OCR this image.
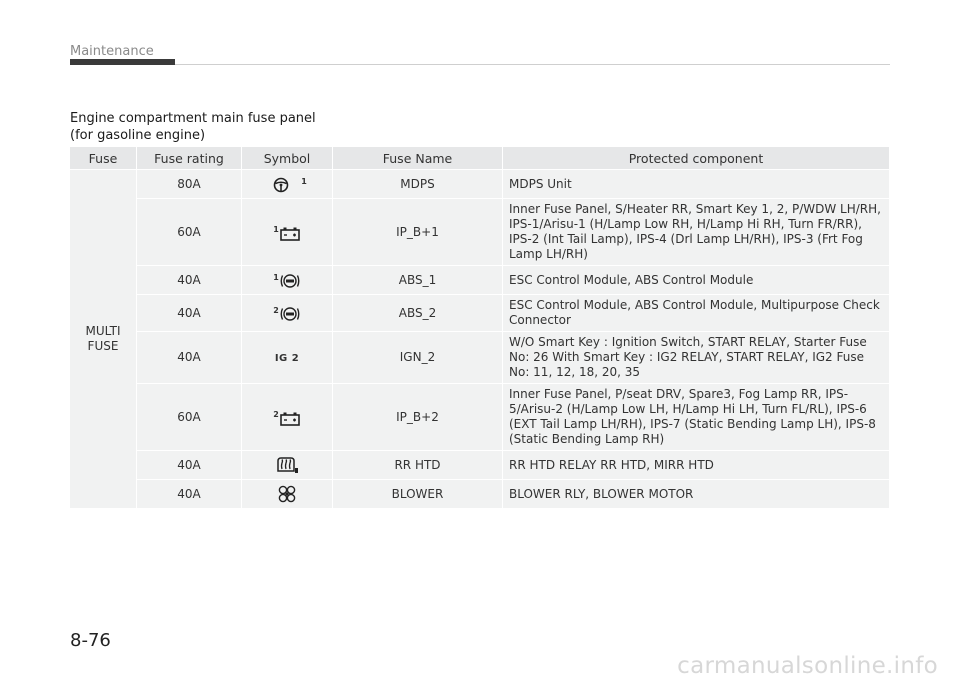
Maintenance
Engine compartment main fuse panel
(for gasoline engine)
Fuse	Fuse rating	Symbol	Fuse Name	Protected component
MULTI FUSE	80A	$^1$	MDPS	MDPS Unit
	60A	$^1$	IP_B+1	Inner Fuse Panel, S/Heater RR, Smart Key 1, 2, P/WDW LH/RH, IPS-1/Arisu-1 (H/Lamp Low RH, H/Lamp Hi RH, Turn FR/RR), IPS-2 (Int Tail Lamp), IPS-4 (Drl Lamp LH/RH), IPS-3 (Frt Fog Lamp LH/RH)
	40A	$^1$	ABS_1	ESC Control Module, ABS Control Module
	40A	$^2$	ABS_2	ESC Control Module, ABS Control Module, Multipurpose Check Connector
	40A	IG 2	IGN_2	W/O Smart Key : Ignition Switch, START RELAY, Starter Fuse No: 26 With Smart Key : IG2 RELAY, START RELAY, IG2 Fuse No: 11, 12, 18, 20, 35
	60A	$^2$	IP_B+2	Inner Fuse Panel, P/seat DRV, Spare3, Fog Lamp RR, IPS-5/Arisu-2 (H/Lamp Low LH, H/Lamp Hi LH, Turn FL/RL), IPS-6 (EXT Tail Lamp LH/RH), IPS-7 (Static Bending Lamp LH), IPS-8 (Static Bending Lamp RH)
	40A		RR HTD	RR HTD RELAY RR HTD, MIRR HTD
	40A		BLOWER	BLOWER RLY, BLOWER MOTOR
8-76
carmanualsonline.info
